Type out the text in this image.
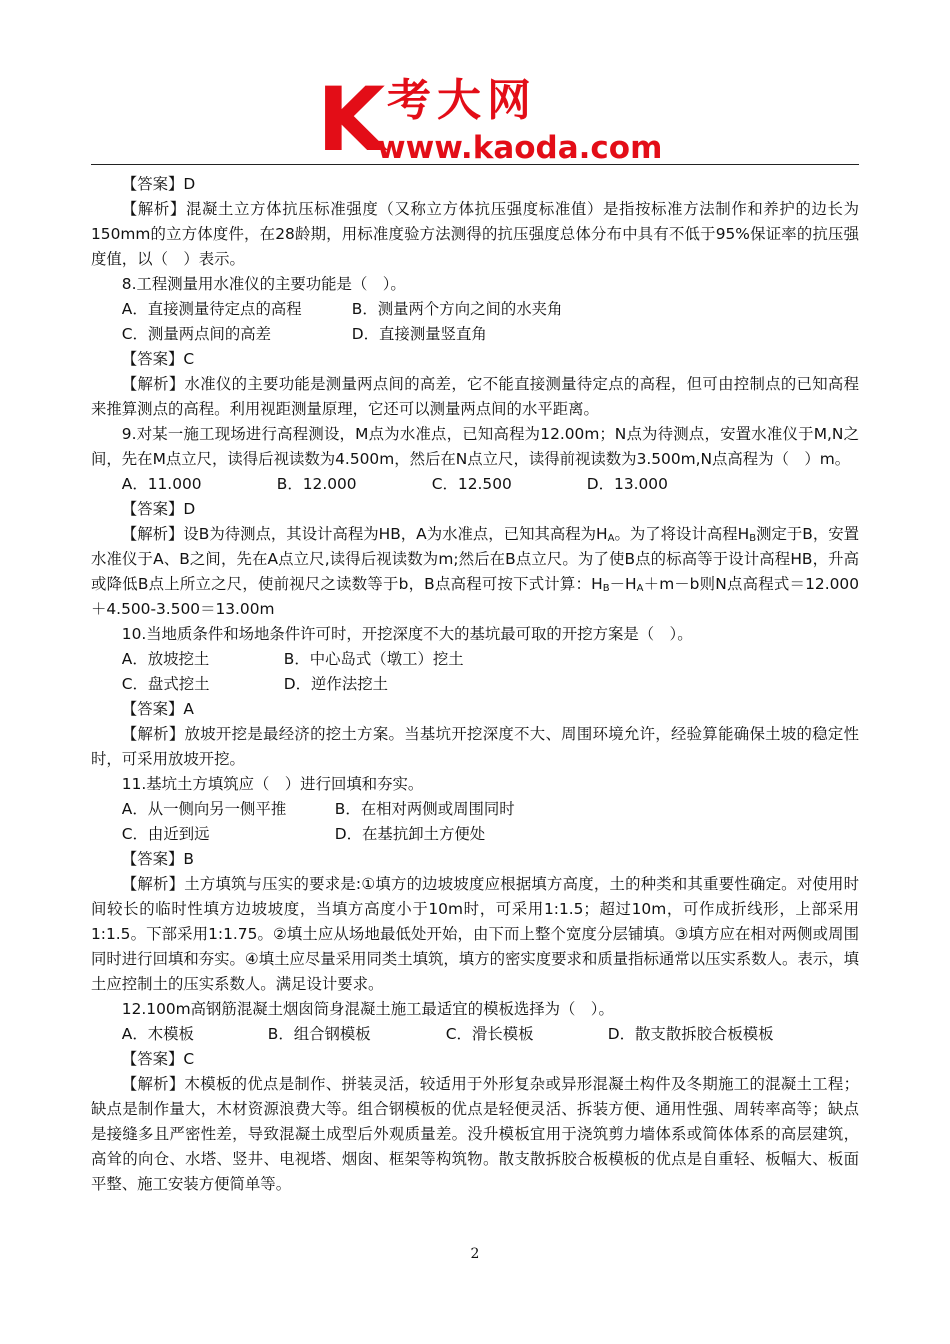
K 考大网
www.kaoda.com

【答案】D

【解析】混凝土立方体抗压标准强度（又称立方体抗压强度标准值）是指按标准方法制作和养护的边长为150mm的立方体度件，在28龄期，用标准度验方法测得的抗压强度总体分布中具有不低于95%保证率的抗压强度值，以（　）表示。

8.工程测量用水准仪的主要功能是（　）。

A．直接测量待定点的高程	B．测量两个方向之间的水夹角
C．测量两点间的高差	D．直接测量竖直角

【答案】C

【解析】水准仪的主要功能是测量两点间的高差，它不能直接测量待定点的高程，但可由控制点的已知高程来推算测点的高程。利用视距测量原理，它还可以测量两点间的水平距离。

9.对某一施工现场进行高程测设，M点为水准点，已知高程为12.00m；N点为待测点，安置水准仪于M,N之间，先在M点立尺，读得后视读数为4.500m，然后在N点立尺，读得前视读数为3.500m,N点高程为（　）m。

A．11.000	B．12.000	C．12.500	D．13.000

【答案】D

【解析】设B为待测点，其设计高程为HB，A为水准点，已知其高程为$H_A$。为了将设计高程$H_B$测定于B，安置水准仪于A、B之间，先在A点立尺,读得后视读数为m;然后在B点立尺。为了使B点的标高等于设计高程HB，升高或降低B点上所立之尺，使前视尺之读数等于b，B点高程可按下式计算：$H_B-H_A+m-b$则N点高程式＝12.000＋4.500-3.500＝13.00m

10.当地质条件和场地条件许可时，开挖深度不大的基坑最可取的开挖方案是（　）。

A．放坡挖土	B．中心岛式（墩工）挖土
C．盘式挖土	D．逆作法挖土

【答案】A

【解析】放坡开挖是最经济的挖土方案。当基坑开挖深度不大、周围环境允许，经验算能确保土坡的稳定性时，可采用放坡开挖。

11.基坑土方填筑应（　）进行回填和夯实。

A．从一侧向另一侧平推	B．在相对两侧或周围同时
C．由近到远	D．在基抗卸土方便处

【答案】B

【解析】土方填筑与压实的要求是:①填方的边坡坡度应根据填方高度，土的种类和其重要性确定。对使用时间较长的临时性填方边坡坡度，当填方高度小于10m时，可采用1:1.5；超过10m，可作成折线形，上部采用1:1.5。下部采用1:1.75。②填土应从场地最低处开始，由下而上整个宽度分层铺填。③填方应在相对两侧或周围同时进行回填和夯实。④填土应尽量采用同类土填筑，填方的密实度要求和质量指标通常以压实系数人。表示，填土应控制土的压实系数人。满足设计要求。

12.100m高钢筋混凝土烟囱筒身混凝土施工最适宜的模板选择为（　）。

A．木模板	B．组合钢模板	C．滑长模板	D．散支散拆胶合板模板

【答案】C

【解析】木模板的优点是制作、拼装灵活，较适用于外形复杂或异形混凝土构件及冬期施工的混凝土工程；缺点是制作量大，木材资源浪费大等。组合钢模板的优点是轻便灵活、拆装方便、通用性强、周转率高等；缺点是接缝多且严密性差，导致混凝土成型后外观质量差。没升模板宜用于浇筑剪力墙体系或简体体系的高层建筑，高耸的向仓、水塔、竖井、电视塔、烟囱、框架等构筑物。散支散拆胶合板模板的优点是自重轻、板幅大、板面平整、施工安装方便简单等。

2
